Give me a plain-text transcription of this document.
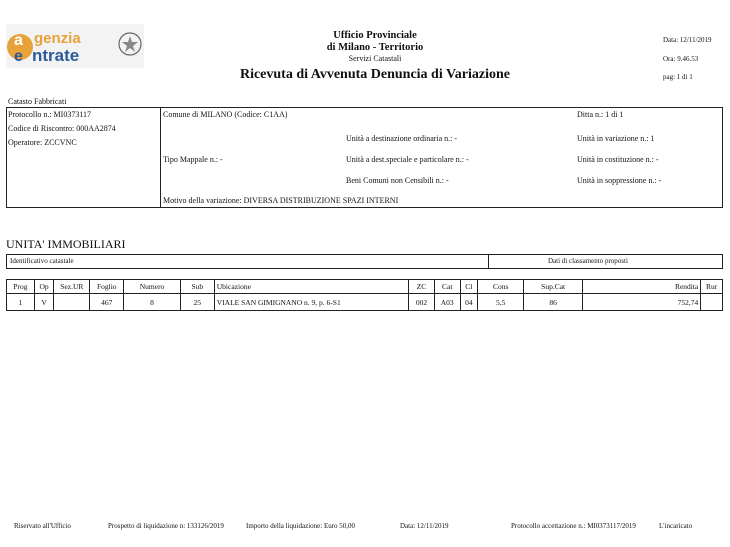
a
e
genzia
ntrate
Ufficio Provinciale
di Milano - Territorio
Servizi Catastali
Ricevuta di Avvenuta Denuncia di Variazione
Data: 12/11/2019
Ora: 9.46.53
pag: 1 di 1
Catasto Fabbricati
Protocollo n.: MI0373117
Codice di Riscontro: 000AA2874
Operatore: ZCCVNC
Comune di MILANO (Codice: C1AA)	Ditta n.: 1 di 1
Unità a destinazione ordinaria n.: -	Unità in variazione n.: 1
Tipo Mappale n.: -	Unità a dest.speciale e particolare n.: -	Unità in costituzione n.: -
Beni Comuni non Censibili n.: -	Unità in soppressione n.: -
Motivo della variazione: DIVERSA DISTRIBUZIONE SPAZI INTERNI
UNITA' IMMOBILIARI
Identificativo catastale	Dati di classamento proposti
Prog	Op	Sez.UR	Foglio	Numero	Sub	Ubicazione	ZC	Cat	Cl	Cons	Sup.Cat	Rendita	Rur
1	V		467	8	25	VIALE SAN GIMIGNANO n. 9, p. 6-S1	002	A03	04	5,5	86	752,74	
Riservato all'Ufficio	Prospetto di liquidazione n: 133126/2019	Importo della liquidazione: Euro 50,00	Data: 12/11/2019	Protocollo accettazione n.: MI0373117/2019	L'incaricato
